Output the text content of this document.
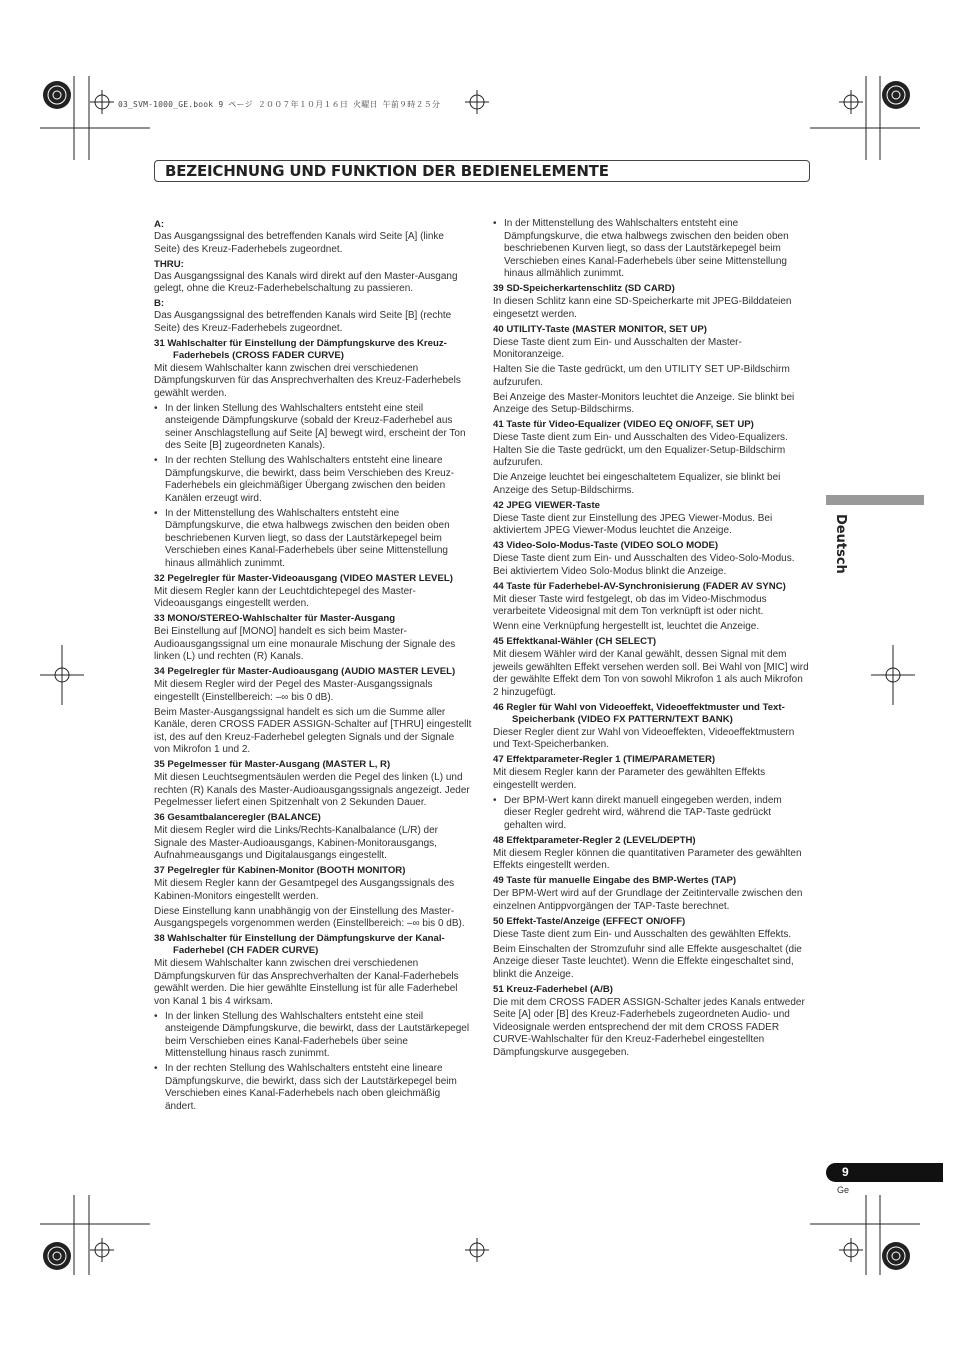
03_SVM-1000_GE.book 9 ページ ２００７年１０月１６日 火曜日 午前９時２５分
BEZEICHNUNG UND FUNKTION DER BEDIENELEMENTE
A:

Das Ausgangssignal des betreffenden Kanals wird Seite [A] (linke Seite) des Kreuz-Faderhebels zugeordnet.

THRU:

Das Ausgangssignal des Kanals wird direkt auf den Master-Ausgang gelegt, ohne die Kreuz-Faderhebelschaltung zu passieren.

B:

Das Ausgangssignal des betreffenden Kanals wird Seite [B] (rechte Seite) des Kreuz-Faderhebels zugeordnet.

31 Wahlschalter für Einstellung der Dämpfungskurve des Kreuz-Faderhebels (CROSS FADER CURVE)

Mit diesem Wahlschalter kann zwischen drei verschiedenen Dämpfungskurven für das Ansprechverhalten des Kreuz-Faderhebels gewählt werden.

• In der linken Stellung des Wahlschalters entsteht eine steil ansteigende Dämpfungskurve (sobald der Kreuz-Faderhebel aus seiner Anschlagstellung auf Seite [A] bewegt wird, erscheint der Ton des Seite [B] zugeordneten Kanals).

• In der rechten Stellung des Wahlschalters entsteht eine lineare Dämpfungskurve, die bewirkt, dass beim Verschieben des Kreuz-Faderhebels ein gleichmäßiger Übergang zwischen den beiden Kanälen erzeugt wird.

• In der Mittenstellung des Wahlschalters entsteht eine Dämpfungskurve, die etwa halbwegs zwischen den beiden oben beschriebenen Kurven liegt, so dass der Lautstärkepegel beim Verschieben eines Kanal-Faderhebels über seine Mittenstellung hinaus allmählich zunimmt.

32 Pegelregler für Master-Videoausgang (VIDEO MASTER LEVEL)

Mit diesem Regler kann der Leuchtdichtepegel des Master-Videoausgangs eingestellt werden.

33 MONO/STEREO-Wahlschalter für Master-Ausgang

Bei Einstellung auf [MONO] handelt es sich beim Master-Audioausgangssignal um eine monaurale Mischung der Signale des linken (L) und rechten (R) Kanals.

34 Pegelregler für Master-Audioausgang (AUDIO MASTER LEVEL)

Mit diesem Regler wird der Pegel des Master-Ausgangssignals eingestellt (Einstellbereich: –∞ bis 0 dB).

Beim Master-Ausgangssignal handelt es sich um die Summe aller Kanäle, deren CROSS FADER ASSIGN-Schalter auf [THRU] eingestellt ist, des auf den Kreuz-Faderhebel gelegten Signals und der Signale von Mikrofon 1 und 2.

35 Pegelmesser für Master-Ausgang (MASTER L, R)

Mit diesen Leuchtsegmentsäulen werden die Pegel des linken (L) und rechten (R) Kanals des Master-Audioausgangssignals angezeigt. Jeder Pegelmesser liefert einen Spitzenhalt von 2 Sekunden Dauer.

36 Gesamtbalanceregler (BALANCE)

Mit diesem Regler wird die Links/Rechts-Kanalbalance (L/R) der Signale des Master-Audioausgangs, Kabinen-Monitorausgangs, Aufnahmeausgangs und Digitalausgangs eingestellt.

37 Pegelregler für Kabinen-Monitor (BOOTH MONITOR)

Mit diesem Regler kann der Gesamtpegel des Ausgangssignals des Kabinen-Monitors eingestellt werden.

Diese Einstellung kann unabhängig von der Einstellung des Master-Ausgangspegels vorgenommen werden (Einstellbereich: –∞ bis 0 dB).

38 Wahlschalter für Einstellung der Dämpfungskurve der Kanal-Faderhebel (CH FADER CURVE)

Mit diesem Wahlschalter kann zwischen drei verschiedenen Dämpfungskurven für das Ansprechverhalten der Kanal-Faderhebels gewählt werden. Die hier gewählte Einstellung ist für alle Faderhebel von Kanal 1 bis 4 wirksam.

• In der linken Stellung des Wahlschalters entsteht eine steil ansteigende Dämpfungskurve, die bewirkt, dass der Lautstärkepegel beim Verschieben eines Kanal-Faderhebels über seine Mittenstellung hinaus rasch zunimmt.

• In der rechten Stellung des Wahlschalters entsteht eine lineare Dämpfungskurve, die bewirkt, dass sich der Lautstärkepegel beim Verschieben eines Kanal-Faderhebels nach oben gleichmäßig ändert.

• In der Mittenstellung des Wahlschalters entsteht eine Dämpfungskurve, die etwa halbwegs zwischen den beiden oben beschriebenen Kurven liegt, so dass der Lautstärkepegel beim Verschieben eines Kanal-Faderhebels über seine Mittenstellung hinaus allmählich zunimmt.

39 SD-Speicherkartenschlitz (SD CARD)

In diesen Schlitz kann eine SD-Speicherkarte mit JPEG-Bilddateien eingesetzt werden.

40 UTILITY-Taste (MASTER MONITOR, SET UP)

Diese Taste dient zum Ein- und Ausschalten der Master-Monitoranzeige.

Halten Sie die Taste gedrückt, um den UTILITY SET UP-Bildschirm aufzurufen.

Bei Anzeige des Master-Monitors leuchtet die Anzeige. Sie blinkt bei Anzeige des Setup-Bildschirms.

41 Taste für Video-Equalizer (VIDEO EQ ON/OFF, SET UP)

Diese Taste dient zum Ein- und Ausschalten des Video-Equalizers. Halten Sie die Taste gedrückt, um den Equalizer-Setup-Bildschirm aufzurufen.

Die Anzeige leuchtet bei eingeschaltetem Equalizer, sie blinkt bei Anzeige des Setup-Bildschirms.

42 JPEG VIEWER-Taste

Diese Taste dient zur Einstellung des JPEG Viewer-Modus. Bei aktiviertem JPEG Viewer-Modus leuchtet die Anzeige.

43 Video-Solo-Modus-Taste (VIDEO SOLO MODE)

Diese Taste dient zum Ein- und Ausschalten des Video-Solo-Modus. Bei aktiviertem Video Solo-Modus blinkt die Anzeige.

44 Taste für Faderhebel-AV-Synchronisierung (FADER AV SYNC)

Mit dieser Taste wird festgelegt, ob das im Video-Mischmodus verarbeitete Videosignal mit dem Ton verknüpft ist oder nicht.

Wenn eine Verknüpfung hergestellt ist, leuchtet die Anzeige.

45 Effektkanal-Wähler (CH SELECT)

Mit diesem Wähler wird der Kanal gewählt, dessen Signal mit dem jeweils gewählten Effekt versehen werden soll. Bei Wahl von [MIC] wird der gewählte Effekt dem Ton von sowohl Mikrofon 1 als auch Mikrofon 2 hinzugefügt.

46 Regler für Wahl von Videoeffekt, Videoeffektmuster und Text-Speicherbank (VIDEO FX PATTERN/TEXT BANK)

Dieser Regler dient zur Wahl von Videoeffekten, Videoeffektmustern und Text-Speicherbanken.

47 Effektparameter-Regler 1 (TIME/PARAMETER)

Mit diesem Regler kann der Parameter des gewählten Effekts eingestellt werden.

• Der BPM-Wert kann direkt manuell eingegeben werden, indem dieser Regler gedreht wird, während die TAP-Taste gedrückt gehalten wird.

48 Effektparameter-Regler 2 (LEVEL/DEPTH)

Mit diesem Regler können die quantitativen Parameter des gewählten Effekts eingestellt werden.

49 Taste für manuelle Eingabe des BMP-Wertes (TAP)

Der BPM-Wert wird auf der Grundlage der Zeitintervalle zwischen den einzelnen Antippvorgängen der TAP-Taste berechnet.

50 Effekt-Taste/Anzeige (EFFECT ON/OFF)

Diese Taste dient zum Ein- und Ausschalten des gewählten Effekts.

Beim Einschalten der Stromzufuhr sind alle Effekte ausgeschaltet (die Anzeige dieser Taste leuchtet). Wenn die Effekte eingeschaltet sind, blinkt die Anzeige.

51 Kreuz-Faderhebel (A/B)

Die mit dem CROSS FADER ASSIGN-Schalter jedes Kanals entweder Seite [A] oder [B] des Kreuz-Faderhebels zugeordneten Audio- und Videosignale werden entsprechend der mit dem CROSS FADER CURVE-Wahlschalter für den Kreuz-Faderhebel eingestellten Dämpfungskurve ausgegeben.

Deutsch
9
Ge
